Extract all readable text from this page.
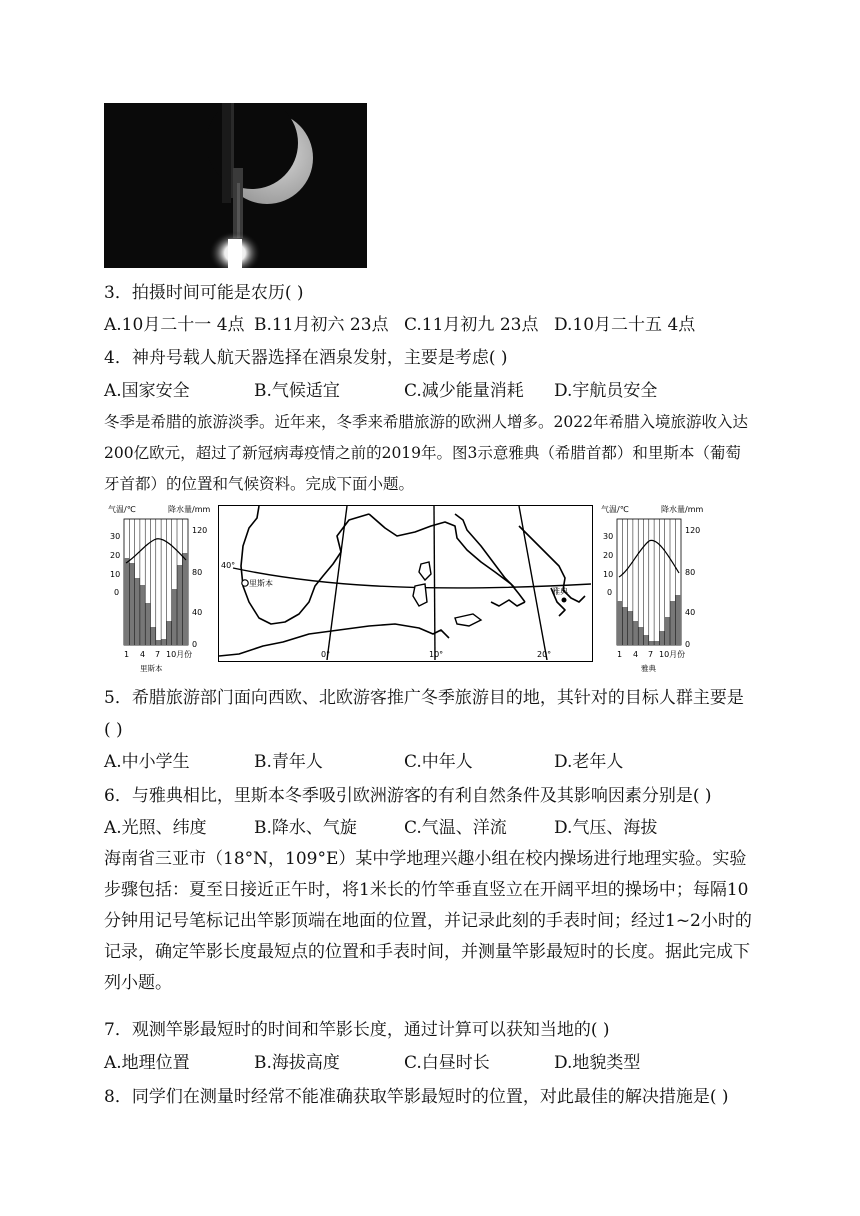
3．拍摄时间可能是农历( )
A.10月二十一 4点 B.11月初六 23点 C.11月初九 23点 D.10月二十五 4点
4．神舟号载人航天器选择在酒泉发射，主要是考虑( )
A.国家安全	B.气候适宜	C.减少能量消耗 D.宇航员安全
冬季是希腊的旅游淡季。近年来，冬季来希腊旅游的欧洲人增多。2022年希腊入境旅游收入达200亿欧元，超过了新冠病毒疫情之前的2019年。图3示意雅典（希腊首都）和里斯本（葡萄牙首都）的位置和气候资料。完成下面小题。
气温/℃	降水量/mm
30
20
10
0
120
80
40
0
1 4 7 10月份
里斯本
40°
里斯本
雅典
0°	10°	20°
气温/℃	降水量/mm
30
20
10
0
120
80
40
0
1 4 7 10月份
雅典
5．希腊旅游部门面向西欧、北欧游客推广冬季旅游目的地，其针对的目标人群主要是
( )
A.中小学生	B.青年人	C.中年人	D.老年人
6．与雅典相比，里斯本冬季吸引欧洲游客的有利自然条件及其影响因素分别是( )
A.光照、纬度	B.降水、气旋	C.气温、洋流	D.气压、海拔
海南省三亚市（18°N，109°E）某中学地理兴趣小组在校内操场进行地理实验。实验步骤包括：夏至日接近正午时，将1米长的竹竿垂直竖立在开阔平坦的操场中；每隔10分钟用记号笔标记出竿影顶端在地面的位置，并记录此刻的手表时间；经过1~2小时的记录，确定竿影长度最短点的位置和手表时间，并测量竿影最短时的长度。据此完成下列小题。
7．观测竿影最短时的时间和竿影长度，通过计算可以获知当地的( )
A.地理位置	B.海拔高度	C.白昼时长	D.地貌类型
8．同学们在测量时经常不能准确获取竿影最短时的位置，对此最佳的解决措施是( )
